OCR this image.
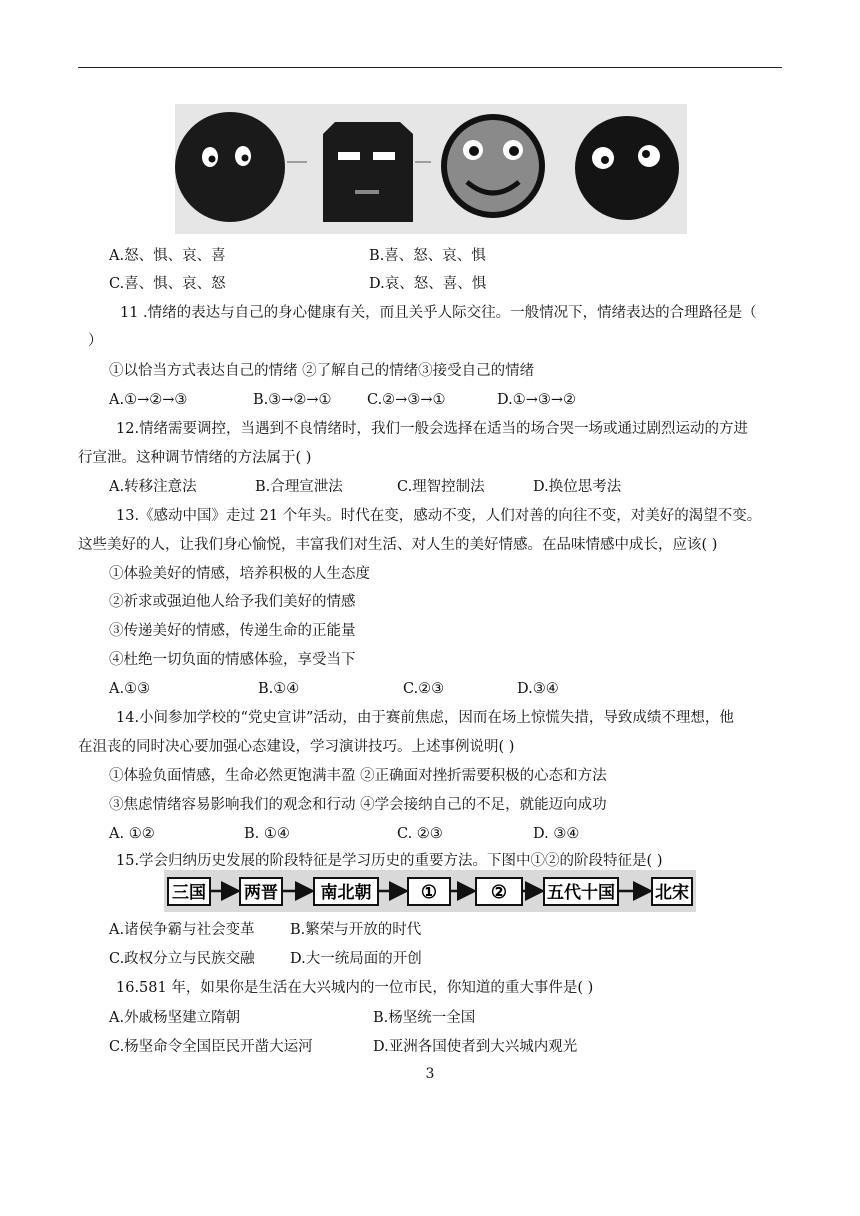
A.怒、惧、哀、喜	B.喜、怒、哀、惧
C.喜、惧、哀、怒	D.哀、怒、喜、惧
11 .情绪的表达与自己的身心健康有关，而且关乎人际交往。一般情况下，情绪表达的合理路径是（
）
①以恰当方式表达自己的情绪 ②了解自己的情绪③接受自己的情绪
A.①→②→③	B.③→②→① C.②→③→①	D.①→③→②
12.情绪需要调控，当遇到不良情绪时，我们一般会选择在适当的场合哭一场或通过剧烈运动的方进
行宣泄。这种调节情绪的方法属于( )
A.转移注意法	B.合理宣泄法	C.理智控制法	D.换位思考法
13.《感动中国》走过 21 个年头。时代在变，感动不变，人们对善的向往不变，对美好的渴望不变。
这些美好的人，让我们身心愉悦，丰富我们对生活、对人生的美好情感。在品味情感中成长，应该( )
①体验美好的情感，培养积极的人生态度
②祈求或强迫他人给予我们美好的情感
③传递美好的情感，传递生命的正能量
④杜绝一切负面的情感体验，享受当下
A.①③	B.①④	C.②③	D.③④
14.小间参加学校的“党史宣讲”活动，由于赛前焦虑，因而在场上惊慌失措，导致成绩不理想，他
在沮丧的同时决心要加强心态建设，学习演讲技巧。上述事例说明( )
①体验负面情感，生命必然更饱满丰盈 ②正确面对挫折需要积极的心态和方法
③焦虑情绪容易影响我们的观念和行动 ④学会接纳自己的不足，就能迈向成功
A. ①②	B. ①④	C. ②③	D. ③④
15.学会归纳历史发展的阶段特征是学习历史的重要方法。下图中①②的阶段特征是( )
三国 两晋	南北朝	①	② 五代十国 北宋
A.诸侯争霸与社会变革 B.繁荣与开放的时代
C.政权分立与民族交融 D.大一统局面的开创
16.581 年，如果你是生活在大兴城内的一位市民，你知道的重大事件是( )
A.外戚杨坚建立隋朝	B.杨坚统一全国
C.杨坚命令全国臣民开凿大运河	D.亚洲各国使者到大兴城内观光
3
